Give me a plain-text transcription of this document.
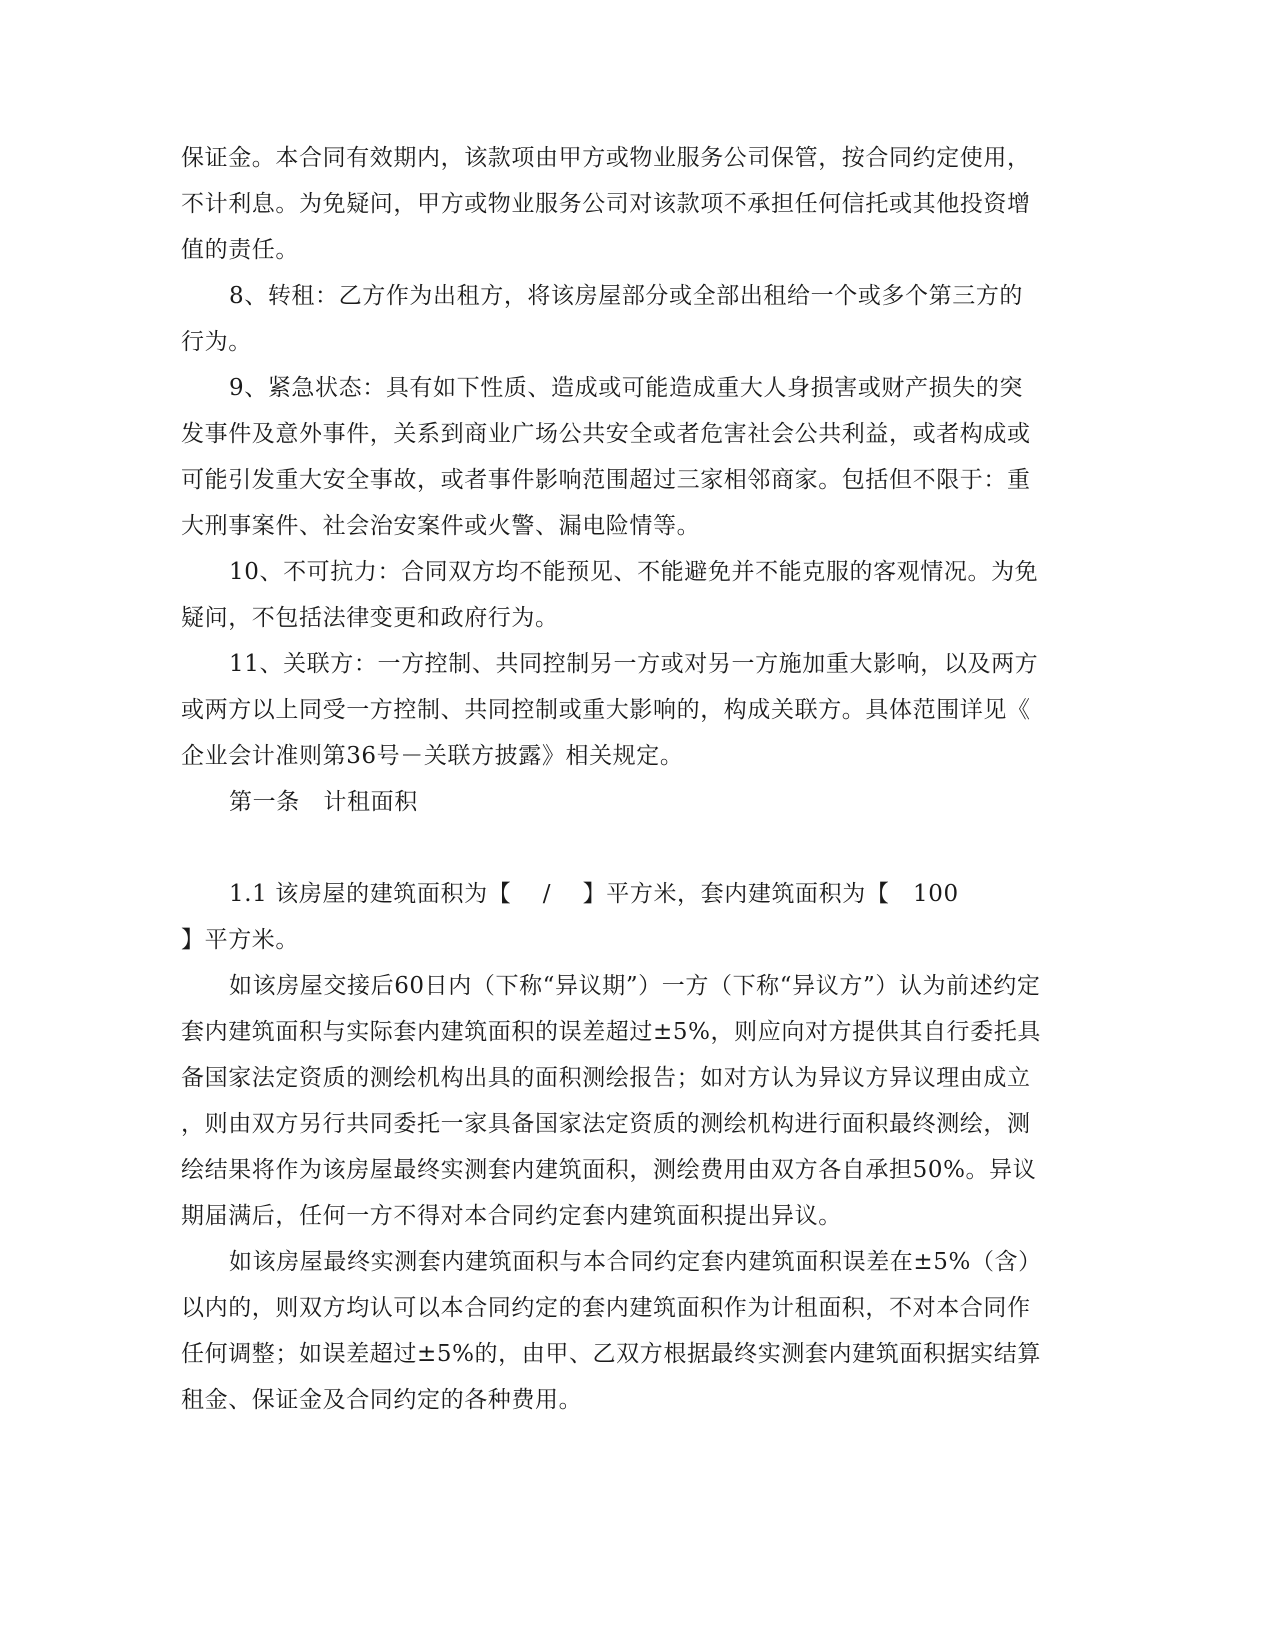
保证金。本合同有效期内，该款项由甲方或物业服务公司保管，按合同约定使用，
不计利息。为免疑问，甲方或物业服务公司对该款项不承担任何信托或其他投资增
值的责任。
8、转租：乙方作为出租方，将该房屋部分或全部出租给一个或多个第三方的
行为。
9、紧急状态：具有如下性质、造成或可能造成重大人身损害或财产损失的突
发事件及意外事件，关系到商业广场公共安全或者危害社会公共利益，或者构成或
可能引发重大安全事故，或者事件影响范围超过三家相邻商家。包括但不限于：重
大刑事案件、社会治安案件或火警、漏电险情等。
10、不可抗力：合同双方均不能预见、不能避免并不能克服的客观情况。为免
疑问，不包括法律变更和政府行为。
11、关联方：一方控制、共同控制另一方或对另一方施加重大影响，以及两方
或两方以上同受一方控制、共同控制或重大影响的，构成关联方。具体范围详见《
企业会计准则第36号－关联方披露》相关规定。
第一条　计租面积
1.1 该房屋的建筑面积为【　 /　 】平方米，套内建筑面积为【　100
】平方米。
如该房屋交接后60日内（下称“异议期”）一方（下称“异议方”）认为前述约定
套内建筑面积与实际套内建筑面积的误差超过±5%，则应向对方提供其自行委托具
备国家法定资质的测绘机构出具的面积测绘报告；如对方认为异议方异议理由成立
，则由双方另行共同委托一家具备国家法定资质的测绘机构进行面积最终测绘，测
绘结果将作为该房屋最终实测套内建筑面积，测绘费用由双方各自承担50%。异议
期届满后，任何一方不得对本合同约定套内建筑面积提出异议。
如该房屋最终实测套内建筑面积与本合同约定套内建筑面积误差在±5%（含）
以内的，则双方均认可以本合同约定的套内建筑面积作为计租面积，不对本合同作
任何调整；如误差超过±5%的，由甲、乙双方根据最终实测套内建筑面积据实结算
租金、保证金及合同约定的各种费用。
